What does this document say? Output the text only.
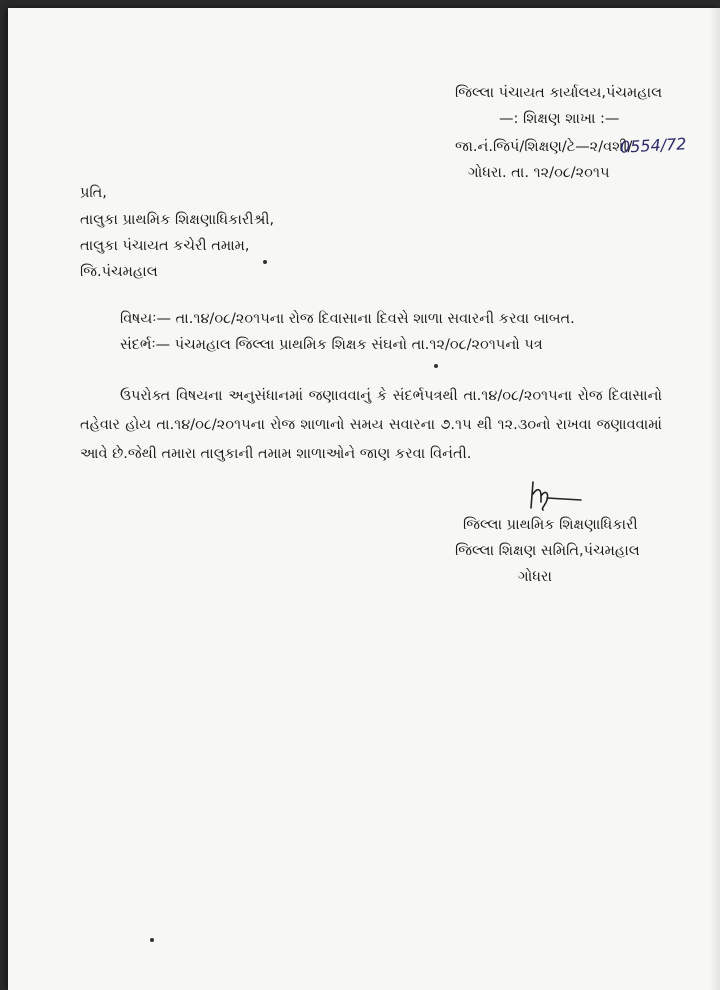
જિલ્લા પંચાયત કાર્યાલય,પંચમહાલ
—: શિક્ષણ શાખા :—
જા.નં.જિપં/શિક્ષણ/ટે—૨/વશી/
0554/72
ગોધરા. તા. ૧૨/૦૮/૨૦૧૫
પ્રતિ,
તાલુકા પ્રાથમિક શિક્ષણાધિકારીશ્રી,
તાલુકા પંચાયત કચેરી તમામ,
જિ.પંચમહાલ
વિષયઃ— તા.૧૪/૦૮/૨૦૧૫ના રોજ દિવાસાના દિવસે શાળા સવારની કરવા બાબત.
સંદર્ભઃ— પંચમહાલ જિલ્લા પ્રાથમિક શિક્ષક સંઘનો તા.૧૨/૦૮/૨૦૧૫નો પત્ર
ઉપરોક્ત વિષયના અનુસંધાનમાં જણાવવાનું કે સંદર્ભપત્રથી તા.૧૪/૦૮/૨૦૧૫ના રોજ દિવાસાનો તહેવાર હોય તા.૧૪/૦૮/૨૦૧૫ના રોજ શાળાનો સમય સવારના ૭.૧૫ થી ૧૨.૩૦નો રાખવા જણાવવામાં આવે છે.જેથી તમારા તાલુકાની તમામ શાળાઓને જાણ કરવા વિનંતી.
જિલ્લા પ્રાથમિક શિક્ષણાધિકારી
જિલ્લા શિક્ષણ સમિતિ,પંચમહાલ
ગોધરા
